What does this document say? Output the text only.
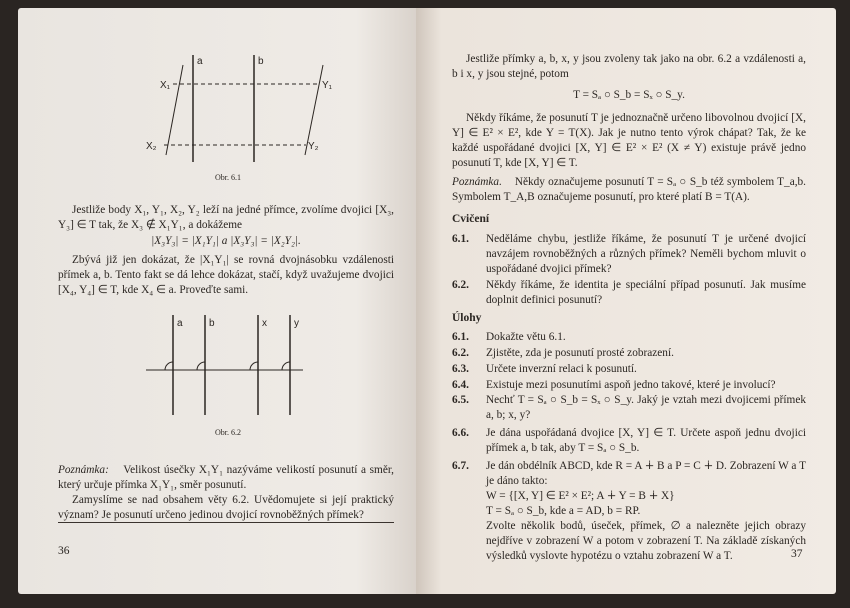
a	b
X₁	Y₁
X₂	Y₂
Obr. 6.1
Jestliže body X₁, Y₁, X₂, Y₂ leží na jedné přímce, zvolíme dvojici [X₃, Y₃] ∈ T tak, že X₃ ∉ X₁Y₁, a dokážeme
|X₃Y₃| = |X₁Y₁| a |X₃Y₃| = |X₂Y₂|.
Zbývá již jen dokázat, že |X₁Y₁| se rovná dvojnásobku vzdálenosti přímek a, b. Tento fakt se dá lehce dokázat, stačí, když uvažujeme dvojici [X₄, Y₄] ∈ T, kde X₄ ∈ a. Proveďte sami.
a	b	x	y
Obr. 6.2
Poznámka: Velikost úsečky X₁Y₁ nazýváme velikostí posunutí a směr, který určuje přímka X₁Y₁, směr posunutí.
Zamyslíme se nad obsahem věty 6.2. Uvědomujete si její praktický význam? Je posunutí určeno jedinou dvojicí rovnoběžných přímek?
36
Jestliže přímky a, b, x, y jsou zvoleny tak jako na obr. 6.2 a vzdálenosti a, b i x, y jsou stejné, potom
T = Sₐ ○ S_b = Sₓ ○ S_y.
Někdy říkáme, že posunutí T je jednoznačně určeno libovolnou dvojicí [X, Y] ∈ E² × E², kde Y = T(X). Jak je nutno tento výrok chápat? Tak, že ke každé uspořádané dvojici [X, Y] ∈ E² × E² (X ≠ Y) existuje právě jedno posunutí T, kde [X, Y] ∈ T.
Poznámka. Někdy označujeme posunutí T = Sₐ ○ S_b též symbolem T_a,b. Symbolem T_A,B označujeme posunutí, pro které platí B = T(A).
Cvičení
6.1. Neděláme chybu, jestliže říkáme, že posunutí T je určené dvojicí navzájem rovnoběžných a různých přímek? Neměli bychom mluvit o uspořádané dvojici přímek?
6.2. Někdy říkáme, že identita je speciální případ posunutí. Jak musíme doplnit definici posunutí?
Úlohy
6.1. Dokažte větu 6.1.
6.2. Zjistěte, zda je posunutí prosté zobrazení.
6.3. Určete inverzní relaci k posunutí.
6.4. Existuje mezi posunutími aspoň jedno takové, které je involucí?
6.5. Nechť T = Sₐ ○ S_b = Sₓ ○ S_y. Jaký je vztah mezi dvojicemi přímek a, b; x, y?
6.6. Je dána uspořádaná dvojice [X, Y] ∈ T. Určete aspoň jednu dvojici přímek a, b tak, aby T = Sₐ ○ S_b.
6.7. Je dán obdélník ABCD, kde R = A ∔ B a P = C ∔ D. Zobrazení W a T je dáno takto:
W = {[X, Y] ∈ E² × E²; A ∔ Y = B ∔ X}
T = Sₐ ○ S_b, kde a = AD, b = RP.
Zvolte několik bodů, úseček, přímek, ∅ a nalezněte jejich obrazy nejdříve v zobrazení W a potom v zobrazení T. Na základě získaných výsledků vyslovte hypotézu o vztahu zobrazení W a T.	37
